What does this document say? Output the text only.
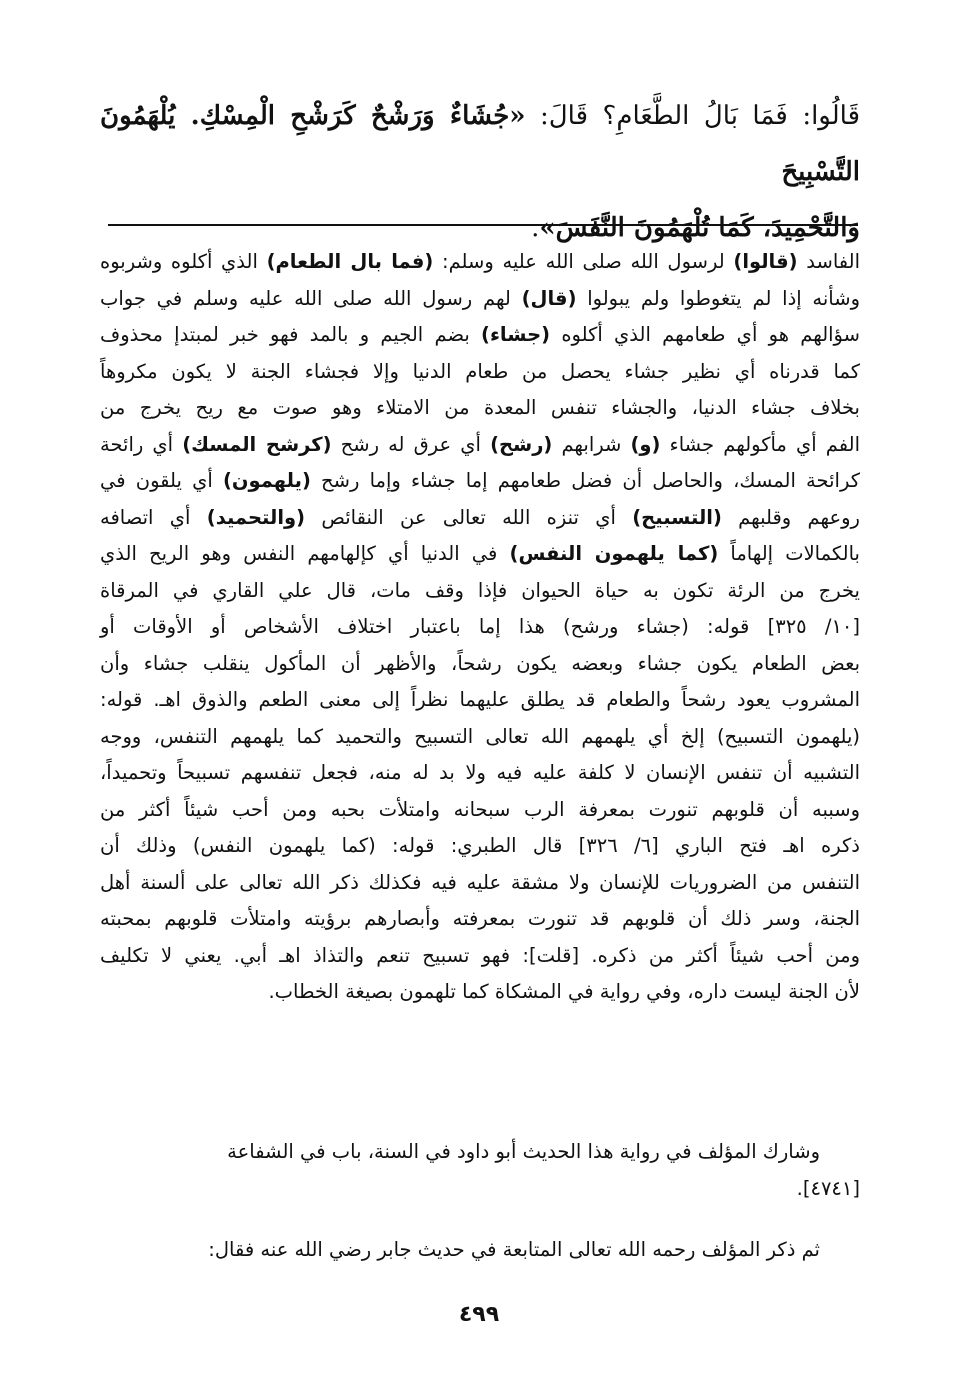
قَالُوا: فَمَا بَالُ الطَّعَامِ؟ قَالَ: «جُشَاءٌ وَرَشْحٌ كَرَشْحِ الْمِسْكِ. يُلْهَمُونَ التَّسْبِيحَ
وَالتَّحْمِيدَ، كَمَا تُلْهَمُونَ النَّفَسَ».
الفاسد (قالوا) لرسول الله صلى الله عليه وسلم: (فما بال الطعام) الذي أكلوه وشربوه
وشأنه إذا لم يتغوطوا ولم يبولوا (قال) لهم رسول الله صلى الله عليه وسلم في جواب
سؤالهم هو أي طعامهم الذي أكلوه (جشاء) بضم الجيم و بالمد فهو خبر لمبتدإ محذوف
كما قدرناه أي نظير جشاء يحصل من طعام الدنيا وإلا فجشاء الجنة لا يكون مكروهاً
بخلاف جشاء الدنيا، والجشاء تنفس المعدة من الامتلاء وهو صوت مع ريح يخرج من
الفم أي مأكولهم جشاء (و) شرابهم (رشح) أي عرق له رشح (كرشح المسك) أي رائحة
كرائحة المسك، والحاصل أن فضل طعامهم إما جشاء وإما رشح (يلهمون) أي يلقون في
روعهم وقلبهم (التسبيح) أي تنزه الله تعالى عن النقائص (والتحميد) أي اتصافه
بالكمالات إلهاماً (كما يلهمون النفس) في الدنيا أي كإلهامهم النفس وهو الريح الذي
يخرج من الرئة تكون به حياة الحيوان فإذا وقف مات، قال علي القاري في المرقاة
[١٠/ ٣٢٥] قوله: (جشاء ورشح) هذا إما باعتبار اختلاف الأشخاص أو الأوقات أو
بعض الطعام يكون جشاء وبعضه يكون رشحاً، والأظهر أن المأكول ينقلب جشاء وأن
المشروب يعود رشحاً والطعام قد يطلق عليهما نظراً إلى معنى الطعم والذوق اهـ. قوله:
(يلهمون التسبيح) إلخ أي يلهمهم الله تعالى التسبيح والتحميد كما يلهمهم التنفس، ووجه
التشبيه أن تنفس الإنسان لا كلفة عليه فيه ولا بد له منه، فجعل تنفسهم تسبيحاً وتحميداً،
وسببه أن قلوبهم تنورت بمعرفة الرب سبحانه وامتلأت بحبه ومن أحب شيئاً أكثر من
ذكره اهـ فتح الباري [٦/ ٣٢٦] قال الطبري: قوله: (كما يلهمون النفس) وذلك أن
التنفس من الضروريات للإنسان ولا مشقة عليه فيه فكذلك ذكر الله تعالى على ألسنة أهل
الجنة، وسر ذلك أن قلوبهم قد تنورت بمعرفته وأبصارهم برؤيته وامتلأت قلوبهم بمحبته
ومن أحب شيئاً أكثر من ذكره. [قلت]: فهو تسبيح تنعم والتذاذ اهـ أبي. يعني لا تكليف
لأن الجنة ليست داره، وفي رواية في المشكاة كما تلهمون بصيغة الخطاب.
وشارك المؤلف في رواية هذا الحديث أبو داود في السنة، باب في الشفاعة
[٤٧٤١].
ثم ذكر المؤلف رحمه الله تعالى المتابعة في حديث جابر رضي الله عنه فقال:
٤٩٩
